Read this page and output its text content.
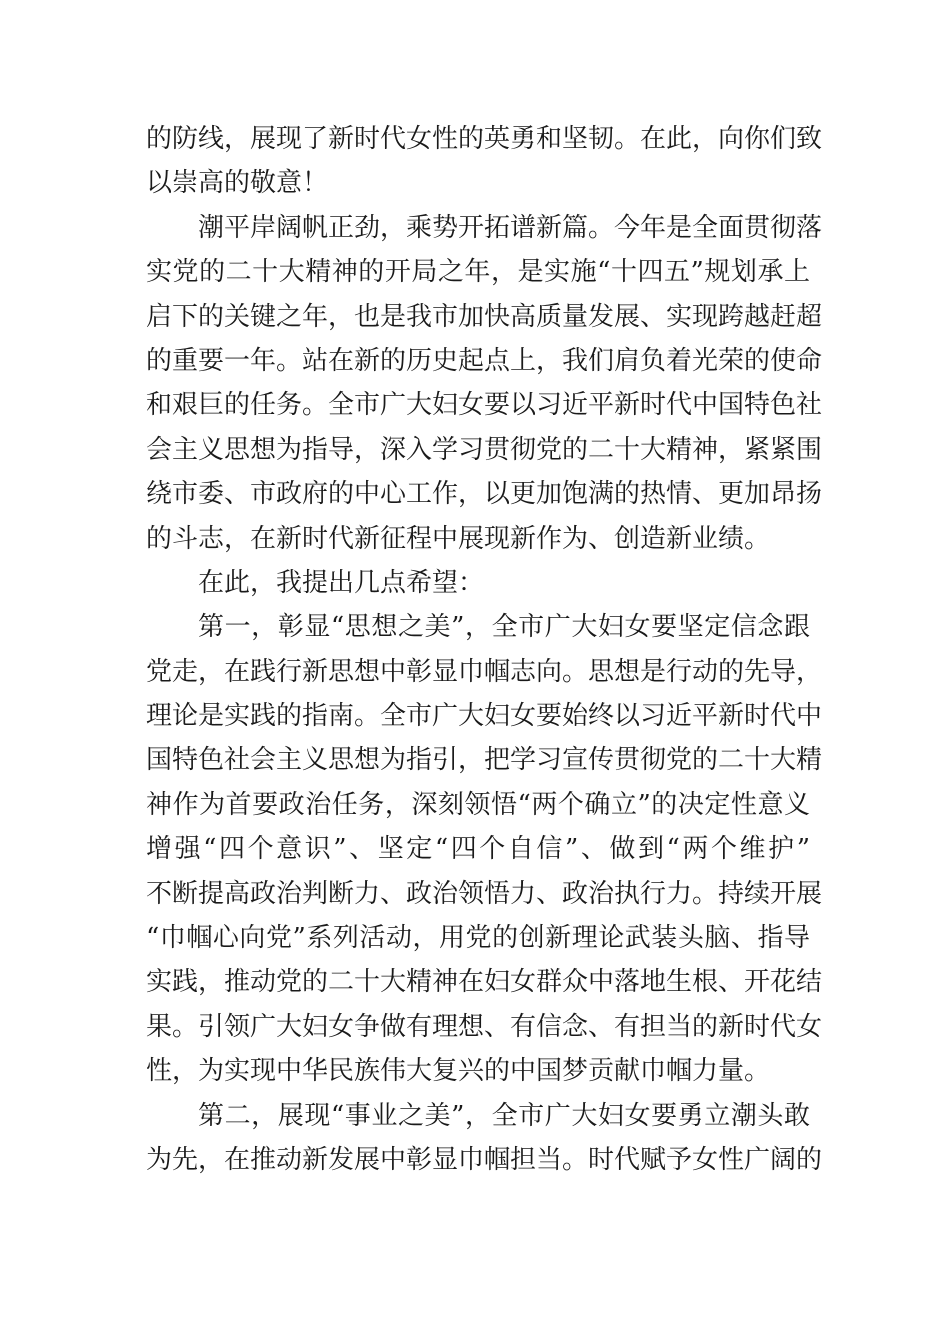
的防线，展现了新时代女性的英勇和坚韧。在此，向你们致
以崇高的敬意！
潮平岸阔帆正劲，乘势开拓谱新篇。今年是全面贯彻落
实党的二十大精神的开局之年，是实施“十四五”规划承上
启下的关键之年，也是我市加快高质量发展、实现跨越赶超
的重要一年。站在新的历史起点上，我们肩负着光荣的使命
和艰巨的任务。全市广大妇女要以习近平新时代中国特色社
会主义思想为指导，深入学习贯彻党的二十大精神，紧紧围
绕市委、市政府的中心工作，以更加饱满的热情、更加昂扬
的斗志，在新时代新征程中展现新作为、创造新业绩。
在此，我提出几点希望：
第一，彰显“思想之美”，全市广大妇女要坚定信念跟
党走，在践行新思想中彰显巾帼志向。思想是行动的先导，
理论是实践的指南。全市广大妇女要始终以习近平新时代中
国特色社会主义思想为指引，把学习宣传贯彻党的二十大精
神作为首要政治任务，深刻领悟“两个确立”的决定性意义
增强“四个意识”、坚定“四个自信”、做到“两个维护”
不断提高政治判断力、政治领悟力、政治执行力。持续开展
“巾帼心向党”系列活动，用党的创新理论武装头脑、指导
实践，推动党的二十大精神在妇女群众中落地生根、开花结
果。引领广大妇女争做有理想、有信念、有担当的新时代女
性，为实现中华民族伟大复兴的中国梦贡献巾帼力量。
第二，展现“事业之美”，全市广大妇女要勇立潮头敢
为先，在推动新发展中彰显巾帼担当。时代赋予女性广阔的
